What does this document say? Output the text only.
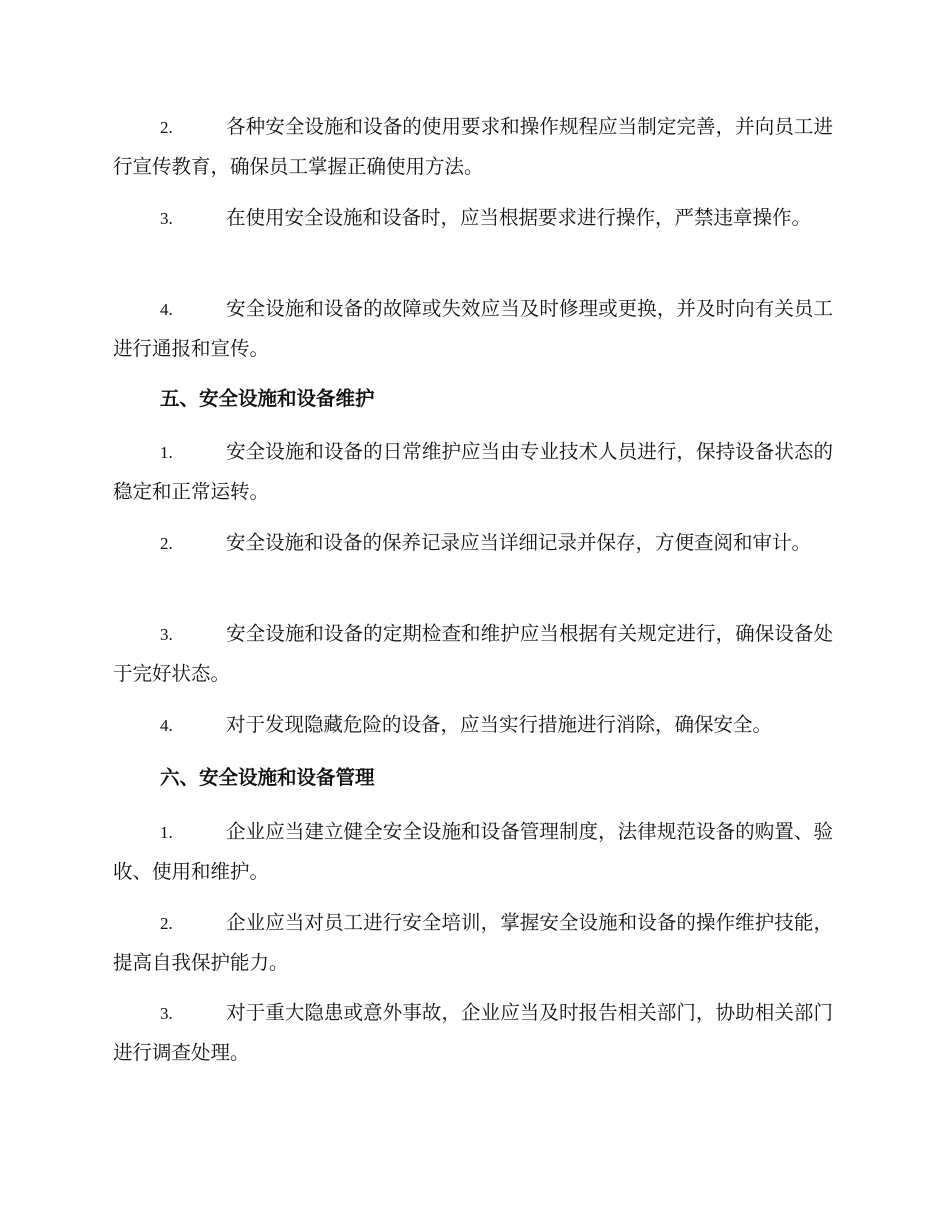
2.	各种安全设施和设备的使用要求和操作规程应当制定完善，并向员工进行宣传教育，确保员工掌握正确使用方法。
3.	在使用安全设施和设备时，应当根据要求进行操作，严禁违章操作。
4.	安全设施和设备的故障或失效应当及时修理或更换，并及时向有关员工进行通报和宣传。
五、安全设施和设备维护
1.	安全设施和设备的日常维护应当由专业技术人员进行，保持设备状态的稳定和正常运转。
2.	安全设施和设备的保养记录应当详细记录并保存，方便查阅和审计。
3.	安全设施和设备的定期检查和维护应当根据有关规定进行，确保设备处于完好状态。
4.	对于发现隐藏危险的设备，应当实行措施进行消除，确保安全。
六、安全设施和设备管理
1.	企业应当建立健全安全设施和设备管理制度，法律规范设备的购置、验收、使用和维护。
2.	企业应当对员工进行安全培训，掌握安全设施和设备的操作维护技能，提高自我保护能力。
3.	对于重大隐患或意外事故，企业应当及时报告相关部门，协助相关部门进行调查处理。
